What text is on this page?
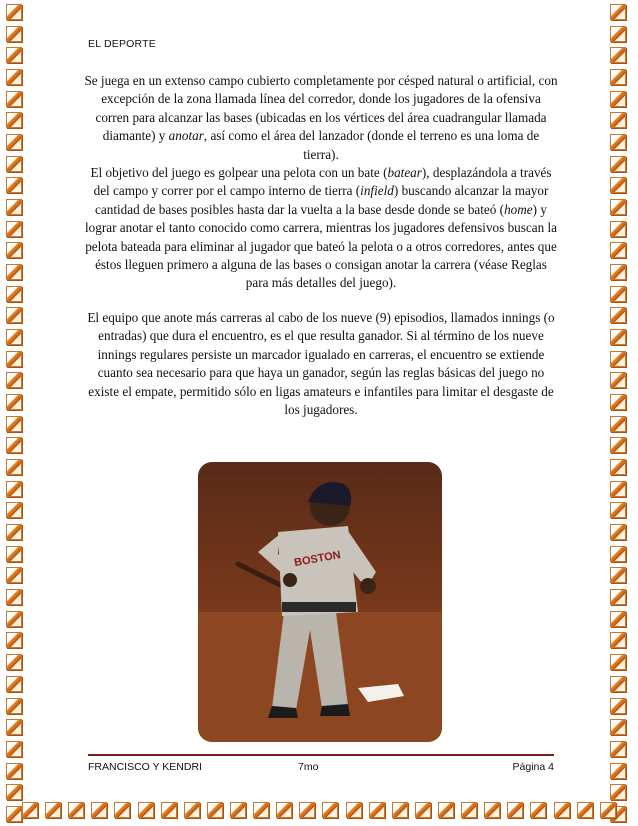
EL DEPORTE

Se juega en un extenso campo cubierto completamente por césped natural o artificial, con excepción de la zona llamada línea del corredor, donde los jugadores de la ofensiva corren para alcanzar las bases (ubicadas en los vértices del área cuadrangular llamada diamante) y anotar, así como el área del lanzador (donde el terreno es una loma de tierra).

El objetivo del juego es golpear una pelota con un bate (batear), desplazándola a través del campo y correr por el campo interno de tierra (infield) buscando alcanzar la mayor cantidad de bases posibles hasta dar la vuelta a la base desde donde se bateó (home) y lograr anotar el tanto conocido como carrera, mientras los jugadores defensivos buscan la pelota bateada para eliminar al jugador que bateó la pelota o a otros corredores, antes que éstos lleguen primero a alguna de las bases o consigan anotar la carrera (véase Reglas para más detalles del juego).

El equipo que anote más carreras al cabo de los nueve (9) episodios, llamados innings (o entradas) que dura el encuentro, es el que resulta ganador. Si al término de los nueve innings regulares persiste un marcador igualado en carreras, el encuentro se extiende cuanto sea necesario para que haya un ganador, según las reglas básicas del juego no existe el empate, permitido sólo en ligas amateurs e infantiles para limitar el desgaste de los jugadores.

BOSTON
FRANCISCO Y KENDRI	7mo	Página 4
